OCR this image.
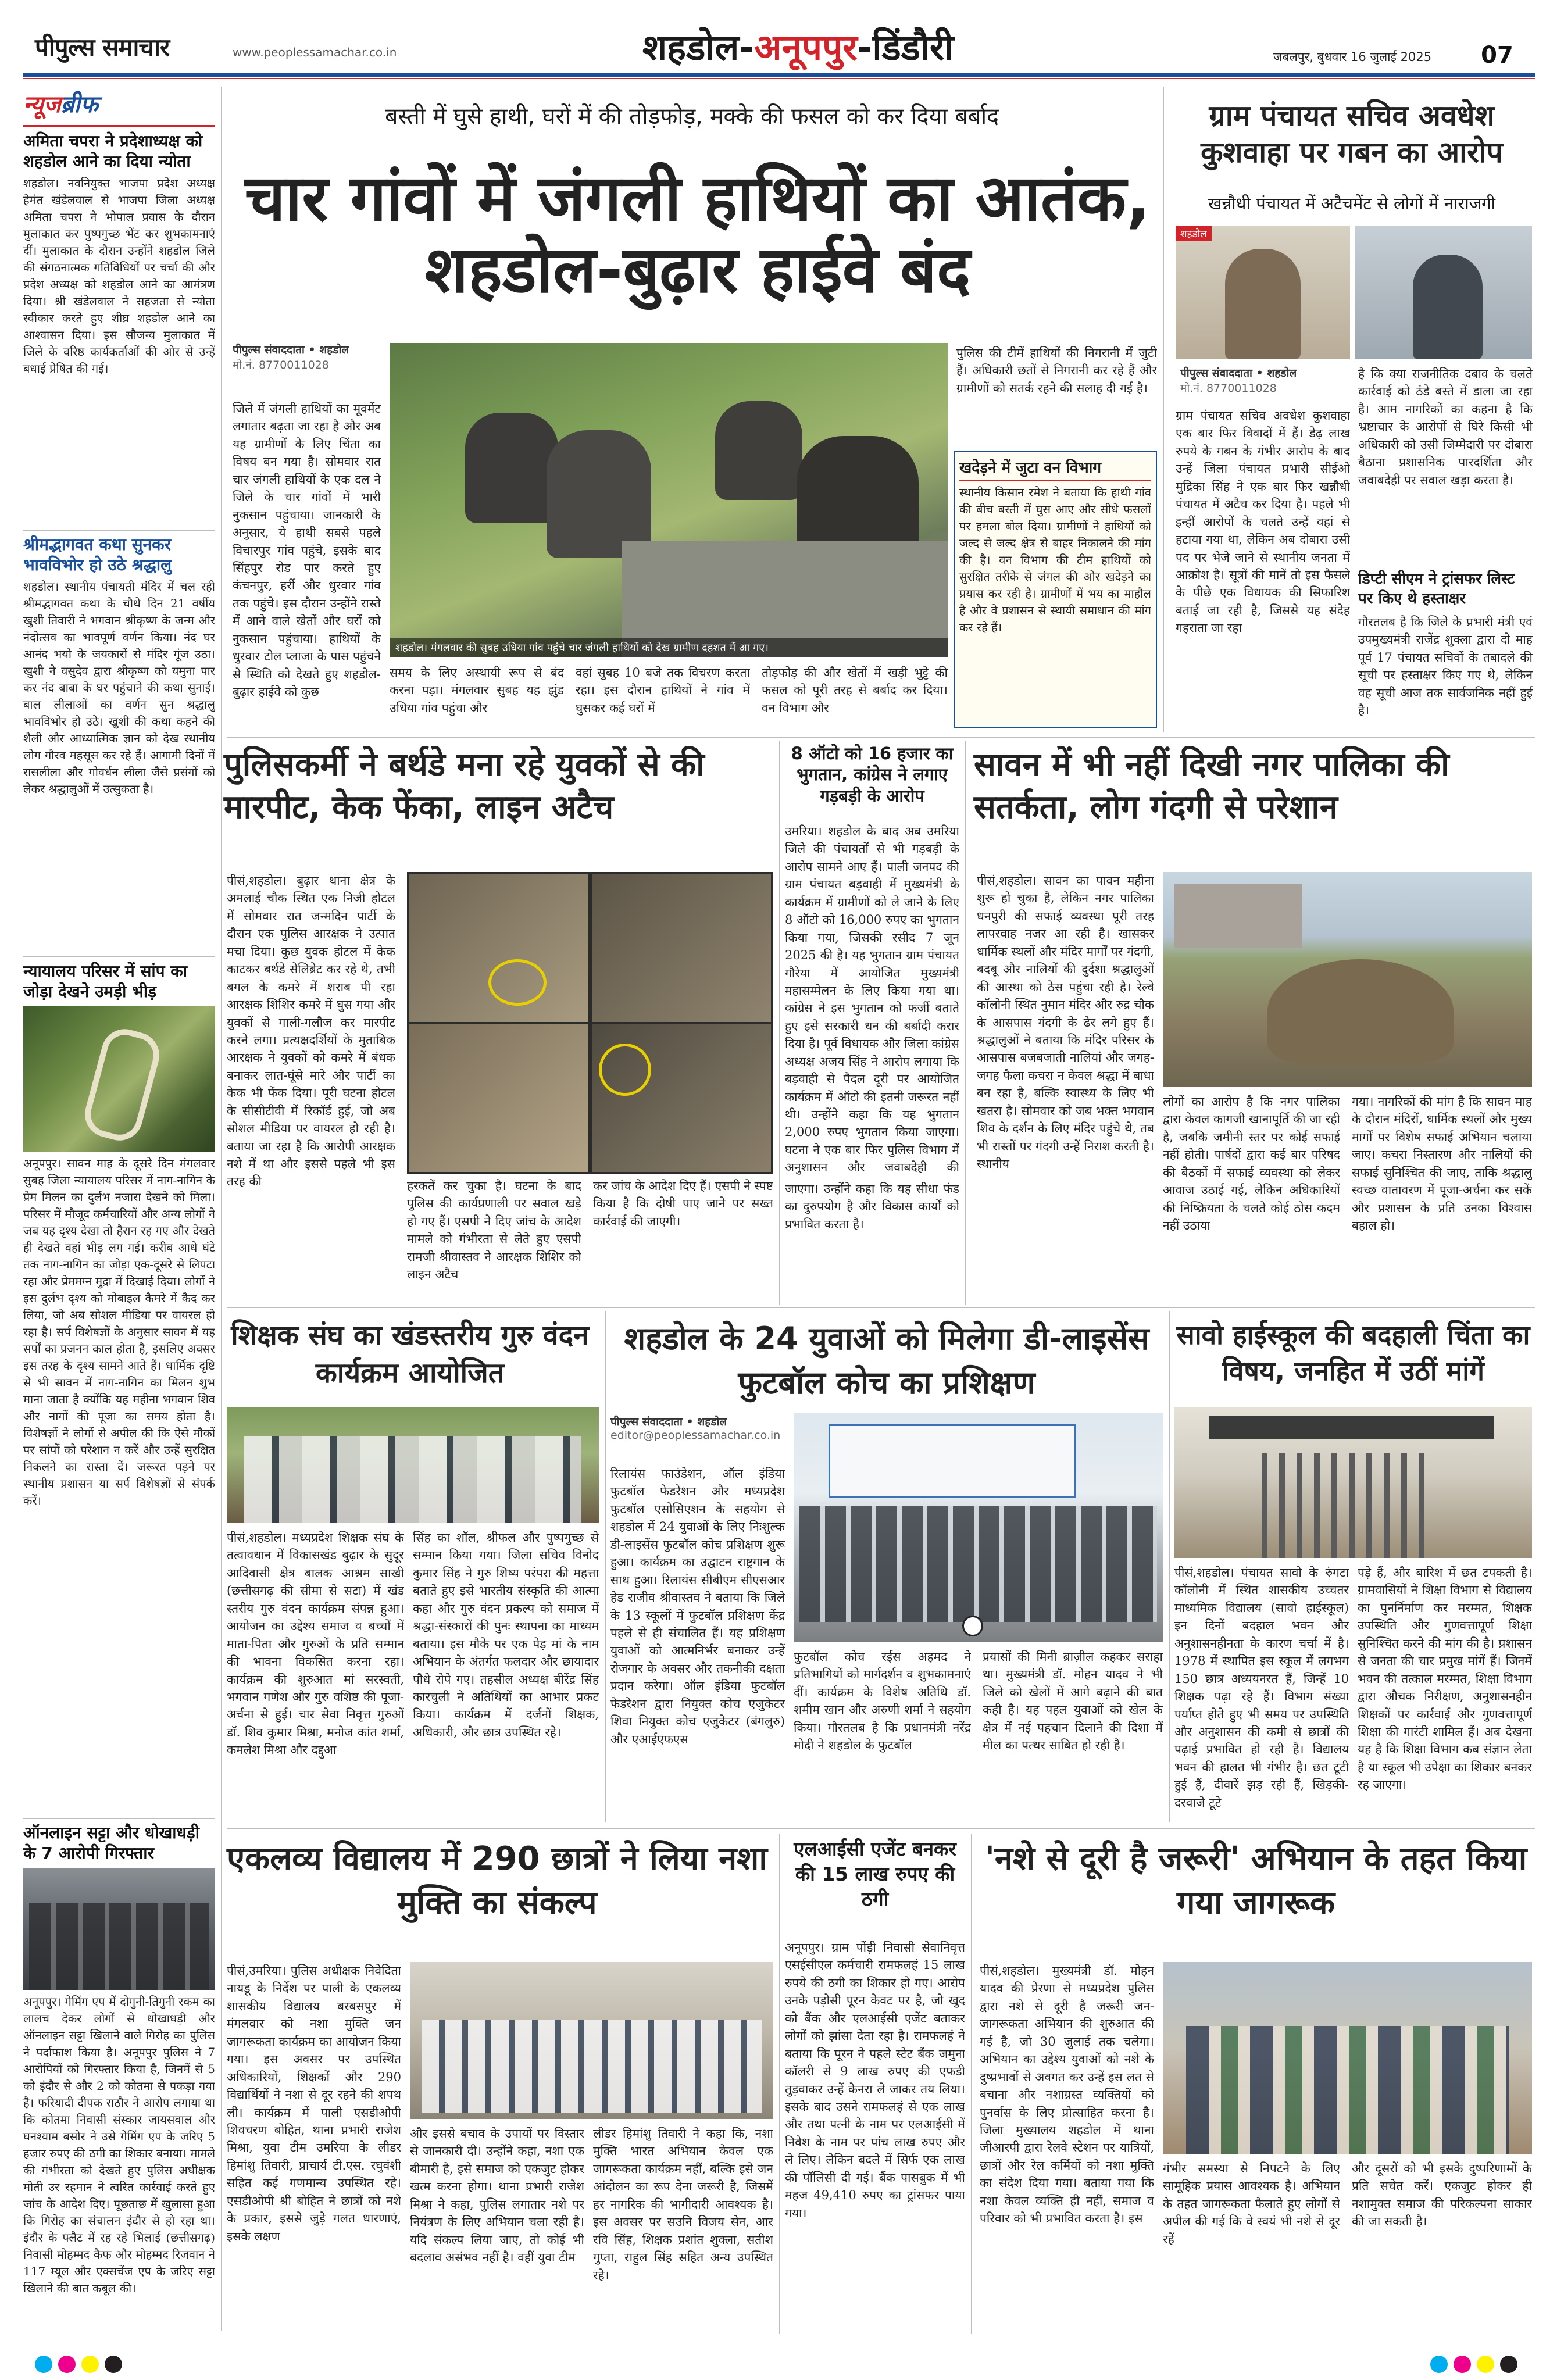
पीपुल्स समाचार	www.peoplessamachar.co.in	शहडोल-अनूपपुर-डिंडौरी	जबलपुर, बुधवार 16 जुलाई 2025 07
न्यूजब्रीफ
अमिता चपरा ने प्रदेशाध्यक्ष को शहडोल आने का दिया न्योता
शहडोल। नवनियुक्त भाजपा प्रदेश अध्यक्ष हेमंत खंडेलवाल से भाजपा जिला अध्यक्ष अमिता चपरा ने भोपाल प्रवास के दौरान मुलाकात कर पुष्पगुच्छ भेंट कर शुभकामनाएं दीं। मुलाकात के दौरान उन्होंने शहडोल जिले की संगठनात्मक गतिविधियों पर चर्चा की और प्रदेश अध्यक्ष को शहडोल आने का आमंत्रण दिया। श्री खंडेलवाल ने सहजता से न्योता स्वीकार करते हुए शीघ्र शहडोल आने का आश्वासन दिया। इस सौजन्य मुलाकात में जिले के वरिष्ठ कार्यकर्ताओं की ओर से उन्हें बधाई प्रेषित की गई।
श्रीमद्भागवत कथा सुनकर भावविभोर हो उठे श्रद्धालु
शहडोल। स्थानीय पंचायती मंदिर में चल रही श्रीमद्भागवत कथा के चौथे दिन 21 वर्षीय खुशी तिवारी ने भगवान श्रीकृष्ण के जन्म और नंदोत्सव का भावपूर्ण वर्णन किया। नंद घर आनंद भयो के जयकारों से मंदिर गूंज उठा। खुशी ने वसुदेव द्वारा श्रीकृष्ण को यमुना पार कर नंद बाबा के घर पहुंचाने की कथा सुनाई। बाल लीलाओं का वर्णन सुन श्रद्धालु भावविभोर हो उठे। खुशी की कथा कहने की शैली और आध्यात्मिक ज्ञान को देख स्थानीय लोग गौरव महसूस कर रहे हैं। आगामी दिनों में रासलीला और गोवर्धन लीला जैसे प्रसंगों को लेकर श्रद्धालुओं में उत्सुकता है।
न्यायालय परिसर में सांप का जोड़ा देखने उमड़ी भीड़
अनूपपुर। सावन माह के दूसरे दिन मंगलवार सुबह जिला न्यायालय परिसर में नाग-नागिन के प्रेम मिलन का दुर्लभ नजारा देखने को मिला। परिसर में मौजूद कर्मचारियों और अन्य लोगों ने जब यह दृश्य देखा तो हैरान रह गए और देखते ही देखते वहां भीड़ लग गई। करीब आधे घंटे तक नाग-नागिन का जोड़ा एक-दूसरे से लिपटा रहा और प्रेममग्न मुद्रा में दिखाई दिया। लोगों ने इस दुर्लभ दृश्य को मोबाइल कैमरे में कैद कर लिया, जो अब सोशल मीडिया पर वायरल हो रहा है। सर्प विशेषज्ञों के अनुसार सावन में यह सर्पों का प्रजनन काल होता है, इसलिए अक्सर इस तरह के दृश्य सामने आते हैं। धार्मिक दृष्टि से भी सावन में नाग-नागिन का मिलन शुभ माना जाता है क्योंकि यह महीना भगवान शिव और नागों की पूजा का समय होता है। विशेषज्ञों ने लोगों से अपील की कि ऐसे मौकों पर सांपों को परेशान न करें और उन्हें सुरक्षित निकलने का रास्ता दें। जरूरत पड़ने पर स्थानीय प्रशासन या सर्प विशेषज्ञों से संपर्क करें।
ऑनलाइन सट्टा और धोखाधड़ी के 7 आरोपी गिरफ्तार
अनूपपुर। गेमिंग एप में दोगुनी-तिगुनी रकम का लालच देकर लोगों से धोखाधड़ी और ऑनलाइन सट्टा खिलाने वाले गिरोह का पुलिस ने पर्दाफाश किया है। अनूपपुर पुलिस ने 7 आरोपियों को गिरफ्तार किया है, जिनमें से 5 को इंदौर से और 2 को कोतमा से पकड़ा गया है। फरियादी दीपक राठौर ने आरोप लगाया था कि कोतमा निवासी संस्कार जायसवाल और घनश्याम बसोर ने उसे गेमिंग एप के जरिए 5 हजार रुपए की ठगी का शिकार बनाया। मामले की गंभीरता को देखते हुए पुलिस अधीक्षक मोती उर रहमान ने त्वरित कार्रवाई करते हुए जांच के आदेश दिए। पूछताछ में खुलासा हुआ कि गिरोह का संचालन इंदौर से हो रहा था। इंदौर के फ्लैट में रह रहे भिलाई (छत्तीसगढ़) निवासी मोहम्मद कैफ और मोहम्मद रिजवान ने 117 म्यूल और एक्सचेंज एप के जरिए सट्टा खिलाने की बात कबूल की।
बस्ती में घुसे हाथी, घरों में की तोड़फोड़, मक्के की फसल को कर दिया बर्बाद
चार गांवों में जंगली हाथियों का आतंक, शहडोल-बुढ़ार हाईवे बंद
पीपुल्स संवाददाता • शहडोल
मो.नं. 8770011028
जिले में जंगली हाथियों का मूवमेंट लगातार बढ़ता जा रहा है और अब यह ग्रामीणों के लिए चिंता का विषय बन गया है। सोमवार रात चार जंगली हाथियों के एक दल ने जिले के चार गांवों में भारी नुकसान पहुंचाया। जानकारी के अनुसार, ये हाथी सबसे पहले विचारपुर गांव पहुंचे, इसके बाद सिंहपुर रोड पार करते हुए कंचनपुर, हर्री और धुरवार गांव तक पहुंचे। इस दौरान उन्होंने रास्ते में आने वाले खेतों और घरों को नुकसान पहुंचाया। हाथियों के धुरवार टोल प्लाजा के पास पहुंचने से स्थिति को देखते हुए शहडोल-बुढ़ार हाईवे को कुछ
शहडोल। मंगलवार की सुबह उधिया गांव पहुंचे चार जंगली हाथियों को देख ग्रामीण दहशत में आ गए।
समय के लिए अस्थायी रूप से बंद करना पड़ा। मंगलवार सुबह यह झुंड उधिया गांव पहुंचा और
वहां सुबह 10 बजे तक विचरण करता रहा। इस दौरान हाथियों ने गांव में घुसकर कई घरों में
तोड़फोड़ की और खेतों में खड़ी भुट्टे की फसल को पूरी तरह से बर्बाद कर दिया। वन विभाग और
पुलिस की टीमें हाथियों की निगरानी में जुटी हैं। अधिकारी छतों से निगरानी कर रहे हैं और ग्रामीणों को सतर्क रहने की सलाह दी गई है।
खदेड़ने में जुटा वन विभाग
स्थानीय किसान रमेश ने बताया कि हाथी गांव की बीच बस्ती में घुस आए और सीधे फसलों पर हमला बोल दिया। ग्रामीणों ने हाथियों को जल्द से जल्द क्षेत्र से बाहर निकालने की मांग की है। वन विभाग की टीम हाथियों को सुरक्षित तरीके से जंगल की ओर खदेड़ने का प्रयास कर रही है। ग्रामीणों में भय का माहौल है और वे प्रशासन से स्थायी समाधान की मांग कर रहे हैं।
ग्राम पंचायत सचिव अवधेश कुशवाहा पर गबन का आरोप
खन्नौधी पंचायत में अटैचमेंट से लोगों में नाराजगी
शहडोल
पीपुल्स संवाददाता • शहडोल
मो.नं. 8770011028
ग्राम पंचायत सचिव अवधेश कुशवाहा एक बार फिर विवादों में हैं। डेढ़ लाख रुपये के गबन के गंभीर आरोप के बाद उन्हें जिला पंचायत प्रभारी सीईओ मुद्रिका सिंह ने एक बार फिर खन्नौधी पंचायत में अटैच कर दिया है। पहले भी इन्हीं आरोपों के चलते उन्हें वहां से हटाया गया था, लेकिन अब दोबारा उसी पद पर भेजे जाने से स्थानीय जनता में आक्रोश है। सूत्रों की मानें तो इस फैसले के पीछे एक विधायक की सिफारिश बताई जा रही है, जिससे यह संदेह गहराता जा रहा
है कि क्या राजनीतिक दबाव के चलते कार्रवाई को ठंडे बस्ते में डाला जा रहा है। आम नागरिकों का कहना है कि भ्रष्टाचार के आरोपों से घिरे किसी भी अधिकारी को उसी जिम्मेदारी पर दोबारा बैठाना प्रशासनिक पारदर्शिता और जवाबदेही पर सवाल खड़ा करता है।
डिप्टी सीएम ने ट्रांसफर लिस्ट पर किए थे हस्ताक्षर
गौरतलब है कि जिले के प्रभारी मंत्री एवं उपमुख्यमंत्री राजेंद्र शुक्ला द्वारा दो माह पूर्व 17 पंचायत सचिवों के तबादले की सूची पर हस्ताक्षर किए गए थे, लेकिन वह सूची आज तक सार्वजनिक नहीं हुई है।
पुलिसकर्मी ने बर्थडे मना रहे युवकों से की मारपीट, केक फेंका, लाइन अटैच
पीसं,शहडोल। बुढ़ार थाना क्षेत्र के अमलाई चौक स्थित एक निजी होटल में सोमवार रात जन्मदिन पार्टी के दौरान एक पुलिस आरक्षक ने उत्पात मचा दिया। कुछ युवक होटल में केक काटकर बर्थडे सेलिब्रेट कर रहे थे, तभी बगल के कमरे में शराब पी रहा आरक्षक शिशिर कमरे में घुस गया और युवकों से गाली-गलौज कर मारपीट करने लगा। प्रत्यक्षदर्शियों के मुताबिक आरक्षक ने युवकों को कमरे में बंधक बनाकर लात-घूंसे मारे और पार्टी का केक भी फेंक दिया। पूरी घटना होटल के सीसीटीवी में रिकॉर्ड हुई, जो अब सोशल मीडिया पर वायरल हो रही है। बताया जा रहा है कि आरोपी आरक्षक नशे में था और इससे पहले भी इस तरह की	हरकतें कर चुका है। घटना के बाद पुलिस की कार्यप्रणाली पर सवाल खड़े हो गए हैं। एसपी ने दिए जांच के आदेश मामले को गंभीरता से लेते हुए एसपी रामजी श्रीवास्तव ने आरक्षक शिशिर को लाइन अटैच
कर जांच के आदेश दिए हैं। एसपी ने स्पष्ट किया है कि दोषी पाए जाने पर सख्त कार्रवाई की जाएगी।
8 ऑटो को 16 हजार का भुगतान, कांग्रेस ने लगाए गड़बड़ी के आरोप
उमरिया। शहडोल के बाद अब उमरिया जिले की पंचायतों से भी गड़बड़ी के आरोप सामने आए हैं। पाली जनपद की ग्राम पंचायत बड़वाही में मुख्यमंत्री के कार्यक्रम में ग्रामीणों को ले जाने के लिए 8 ऑटो को 16,000 रुपए का भुगतान किया गया, जिसकी रसीद 7 जून 2025 की है। यह भुगतान ग्राम पंचायत गौरेया में आयोजित मुख्यमंत्री महासम्मेलन के लिए किया गया था। कांग्रेस ने इस भुगतान को फर्जी बताते हुए इसे सरकारी धन की बर्बादी करार दिया है। पूर्व विधायक और जिला कांग्रेस अध्यक्ष अजय सिंह ने आरोप लगाया कि बड़वाही से पैदल दूरी पर आयोजित कार्यक्रम में ऑटो की इतनी जरूरत नहीं थी। उन्होंने कहा कि यह भुगतान 2,000 रुपए भुगतान किया जाएगा। घटना ने एक बार फिर पुलिस विभाग में अनुशासन और जवाबदेही की
जाएगा। उन्होंने कहा कि यह सीधा फंड का दुरुपयोग है और विकास कार्यों को प्रभावित करता है।
सावन में भी नहीं दिखी नगर पालिका की सतर्कता, लोग गंदगी से परेशान
पीसं,शहडोल। सावन का पावन महीना शुरू हो चुका है, लेकिन नगर पालिका धनपुरी की सफाई व्यवस्था पूरी तरह लापरवाह नजर आ रही है। खासकर धार्मिक स्थलों और मंदिर मार्गों पर गंदगी, बदबू और नालियों की दुर्दशा श्रद्धालुओं की आस्था को ठेस पहुंचा रही है। रेल्वे कॉलोनी स्थित नुमान मंदिर और रुद्र चौक के आसपास गंदगी के ढेर लगे हुए हैं। श्रद्धालुओं ने बताया कि मंदिर परिसर के आसपास बजबजाती नालियां और जगह-जगह फैला कचरा न केवल श्रद्धा में बाधा बन रहा है, बल्कि स्वास्थ्य के लिए भी खतरा है। सोमवार को जब भक्त भगवान शिव के दर्शन के लिए मंदिर पहुंचे थे, तब भी रास्तों पर गंदगी उन्हें निराश करती है। स्थानीय
लोगों का आरोप है कि नगर पालिका द्वारा केवल कागजी खानापूर्ति की जा रही है, जबकि जमीनी स्तर पर कोई सफाई नहीं होती। पार्षदों द्वारा कई बार परिषद की बैठकों में सफाई व्यवस्था को लेकर आवाज उठाई गई, लेकिन अधिकारियों की निष्क्रियता के चलते कोई ठोस कदम नहीं उठाया
गया। नागरिकों की मांग है कि सावन माह के दौरान मंदिरों, धार्मिक स्थलों और मुख्य मार्गों पर विशेष सफाई अभियान चलाया जाए। कचरा निस्तारण और नालियों की सफाई सुनिश्चित की जाए, ताकि श्रद्धालु स्वच्छ वातावरण में पूजा-अर्चना कर सकें और प्रशासन के प्रति उनका विश्वास बहाल हो।
शिक्षक संघ का खंडस्तरीय गुरु वंदन कार्यक्रम आयोजित
पीसं,शहडोल। मध्यप्रदेश शिक्षक संघ के तत्वावधान में विकासखंड बुढ़ार के सुदूर आदिवासी क्षेत्र बालक आश्रम साखी (छत्तीसगढ़ की सीमा से सटा) में खंड स्तरीय गुरु वंदन कार्यक्रम संपन्न हुआ। आयोजन का उद्देश्य समाज व बच्चों में माता-पिता और गुरुओं के प्रति सम्मान की भावना विकसित करना रहा। कार्यक्रम की शुरुआत मां सरस्वती, भगवान गणेश और गुरु वशिष्ठ की पूजा-अर्चना से हुई। चार सेवा निवृत्त गुरुओं डॉ. शिव कुमार मिश्रा, मनोज कांत शर्मा, कमलेश मिश्रा और दद्दुआ
सिंह का शॉल, श्रीफल और पुष्पगुच्छ से सम्मान किया गया। जिला सचिव विनोद कुमार सिंह ने गुरु शिष्य परंपरा की महत्ता बताते हुए इसे भारतीय संस्कृति की आत्मा कहा और गुरु वंदन प्रकल्प को समाज में श्रद्धा-संस्कारों की पुनः स्थापना का माध्यम बताया। इस मौके पर एक पेड़ मां के नाम अभियान के अंतर्गत फलदार और छायादार पौधे रोपे गए। तहसील अध्यक्ष बीरेंद्र सिंह कारचुली ने अतिथियों का आभार प्रकट किया। कार्यक्रम में दर्जनों शिक्षक, अधिकारी, और छात्र उपस्थित रहे।
शहडोल के 24 युवाओं को मिलेगा डी-लाइसेंस फुटबॉल कोच का प्रशिक्षण
पीपुल्स संवाददाता • शहडोल
editor@peoplessamachar.co.in
रिलायंस फाउंडेशन, ऑल इंडिया फुटबॉल फेडरेशन और मध्यप्रदेश फुटबॉल एसोसिएशन के सहयोग से शहडोल में 24 युवाओं के लिए निःशुल्क डी-लाइसेंस फुटबॉल कोच प्रशिक्षण शुरू हुआ। कार्यक्रम का उद्घाटन राष्ट्रगान के साथ हुआ। रिलायंस सीबीएम सीएसआर हेड राजीव श्रीवास्तव ने बताया कि जिले के 13 स्कूलों में फुटबॉल प्रशिक्षण केंद्र पहले से ही संचालित हैं। यह प्रशिक्षण युवाओं को आत्मनिर्भर बनाकर उन्हें रोजगार के अवसर और तकनीकी दक्षता प्रदान करेगा। ऑल इंडिया फुटबॉल फेडरेशन द्वारा नियुक्त कोच एजुकेटर शिवा नियुक्त कोच एजुकेटर (बंगलुरु) और एआईएफएस
फुटबॉल कोच रईस अहमद ने प्रतिभागियों को मार्गदर्शन व शुभकामनाएं दीं। कार्यक्रम के विशेष अतिथि डॉ. शमीम खान और अरुणी शर्मा ने सहयोग किया। गौरतलब है कि प्रधानमंत्री नरेंद्र मोदी ने शहडोल के फुटबॉल
प्रयासों की मिनी ब्राज़ील कहकर सराहा था। मुख्यमंत्री डॉ. मोहन यादव ने भी जिले को खेलों में आगे बढ़ाने की बात कही है। यह पहल युवाओं को खेल के क्षेत्र में नई पहचान दिलाने की दिशा में मील का पत्थर साबित हो रही है।
सावो हाईस्कूल की बदहाली चिंता का विषय, जनहित में उठीं मांगें
पीसं,शहडोल। पंचायत सावो के रुंगटा कॉलोनी में स्थित शासकीय उच्चतर माध्यमिक विद्यालय (सावो हाईस्कूल) इन दिनों बदहाल भवन और अनुशासनहीनता के कारण चर्चा में है। 1978 में स्थापित इस स्कूल में लगभग 150 छात्र अध्ययनरत हैं, जिन्हें 10 शिक्षक पढ़ा रहे हैं। विभाग संख्या पर्याप्त होते हुए भी समय पर उपस्थिति और अनुशासन की कमी से छात्रों की पढ़ाई प्रभावित हो रही है। विद्यालय भवन की हालत भी गंभीर है। छत टूटी हुई हैं, दीवारें झड़ रही हैं, खिड़की-दरवाजे टूटे
पड़े हैं, और बारिश में छत टपकती है। ग्रामवासियों ने शिक्षा विभाग से विद्यालय का पुनर्निर्माण कर मरम्मत, शिक्षक उपस्थिति और गुणवत्तापूर्ण शिक्षा सुनिश्चित करने की मांग की है। प्रशासन से जनता की चार प्रमुख मांगें हैं। जिनमें भवन की तत्काल मरम्मत, शिक्षा विभाग द्वारा औचक निरीक्षण, अनुशासनहीन शिक्षकों पर कार्रवाई और गुणवत्तापूर्ण शिक्षा की गारंटी शामिल हैं। अब देखना यह है कि शिक्षा विभाग कब संज्ञान लेता है या स्कूल भी उपेक्षा का शिकार बनकर रह जाएगा।
एकलव्य विद्यालय में 290 छात्रों ने लिया नशा मुक्ति का संकल्प
पीसं,उमरिया। पुलिस अधीक्षक निवेदिता नायडू के निर्देश पर पाली के एकलव्य शासकीय विद्यालय बरबसपुर में मंगलवार को नशा मुक्ति जन जागरूकता कार्यक्रम का आयोजन किया गया। इस अवसर पर उपस्थित अधिकारियों, शिक्षकों और 290 विद्यार्थियों ने नशा से दूर रहने की शपथ ली। कार्यक्रम में पाली एसडीओपी शिवचरण बोहित, थाना प्रभारी राजेश मिश्रा, युवा टीम उमरिया के लीडर हिमांशु तिवारी, प्राचार्य टी.एस. रघुवंशी सहित कई गणमान्य उपस्थित रहे। एसडीओपी श्री बोहित ने छात्रों को नशे के प्रकार, इससे जुड़े गलत धारणाएं, इसके लक्षण
और इससे बचाव के उपायों पर विस्तार से जानकारी दी। उन्होंने कहा, नशा एक बीमारी है, इसे समाज को एकजुट होकर खत्म करना होगा। थाना प्रभारी राजेश मिश्रा ने कहा, पुलिस लगातार नशे पर नियंत्रण के लिए अभियान चला रही है। यदि संकल्प लिया जाए, तो कोई भी बदलाव असंभव नहीं है। वहीं युवा टीम
लीडर हिमांशु तिवारी ने कहा कि, नशा मुक्ति भारत अभियान केवल एक जागरूकता कार्यक्रम नहीं, बल्कि इसे जन आंदोलन का रूप देना जरूरी है, जिसमें हर नागरिक की भागीदारी आवश्यक है। इस अवसर पर सउनि विजय सेन, आर रवि सिंह, शिक्षक प्रशांत शुक्ला, सतीश गुप्ता, राहुल सिंह सहित अन्य उपस्थित रहे।
एलआईसी एजेंट बनकर की 15 लाख रुपए की ठगी
अनूपपुर। ग्राम पोंड़ी निवासी सेवानिवृत्त एसईसीएल कर्मचारी रामफलहं 15 लाख रुपये की ठगी का शिकार हो गए। आरोप उनके पड़ोसी पूरन केवट पर है, जो खुद को बैंक और एलआईसी एजेंट बताकर लोगों को झांसा देता रहा है। रामफलहं ने बताया कि पूरन ने पहले स्टेट बैंक जमुना कॉलरी से 9 लाख रुपए की एफडी तुड़वाकर उन्हें केनरा ले जाकर तय लिया। इसके बाद उसने रामफलहं से एक लाख और तथा पत्नी के नाम पर एलआईसी में निवेश के नाम पर पांच लाख रुपए और ले लिए। लेकिन बदले में सिर्फ एक लाख की पॉलिसी दी गई। बैंक पासबुक में भी महज 49,410 रुपए का ट्रांसफर पाया गया।
'नशे से दूरी है जरूरी' अभियान के तहत किया गया जागरूक
पीसं,शहडोल। मुख्यमंत्री डॉ. मोहन यादव की प्रेरणा से मध्यप्रदेश पुलिस द्वारा नशे से दूरी है जरूरी जन-जागरूकता अभियान की शुरुआत की गई है, जो 30 जुलाई तक चलेगा। अभियान का उद्देश्य युवाओं को नशे के दुष्प्रभावों से अवगत कर उन्हें इस लत से बचाना और नशाग्रस्त व्यक्तियों को पुनर्वास के लिए प्रोत्साहित करना है। जिला मुख्यालय शहडोल में थाना जीआरपी द्वारा रेलवे स्टेशन पर यात्रियों, छात्रों और रेल कर्मियों को नशा मुक्ति का संदेश दिया गया। बताया गया कि नशा केवल व्यक्ति ही नहीं, समाज व परिवार को भी प्रभावित करता है। इस
गंभीर समस्या से निपटने के लिए सामूहिक प्रयास आवश्यक है। अभियान के तहत जागरूकता फैलाते हुए लोगों से अपील की गई कि वे स्वयं भी नशे से दूर रहें
और दूसरों को भी इसके दुष्परिणामों के प्रति सचेत करें। एकजुट होकर ही नशामुक्त समाज की परिकल्पना साकार की जा सकती है।
